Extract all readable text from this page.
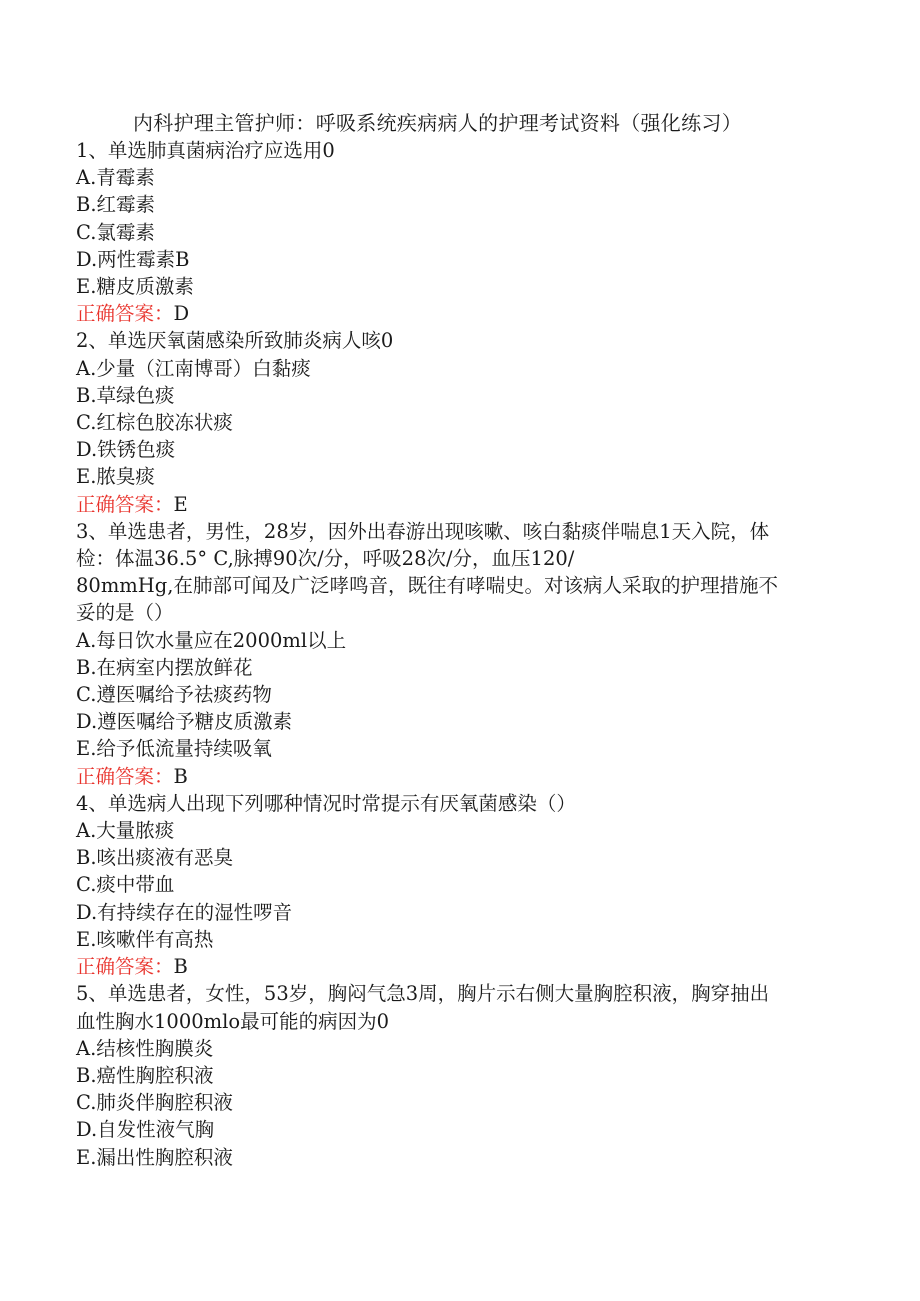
内科护理主管护师：呼吸系统疾病病人的护理考试资料（强化练习）
1、单选肺真菌病治疗应选用0
A.青霉素
B.红霉素
C.氯霉素
D.两性霉素B
E.糖皮质激素
正确答案：D
2、单选厌氧菌感染所致肺炎病人咳0
A.少量（江南博哥）白黏痰
B.草绿色痰
C.红棕色胶冻状痰
D.铁锈色痰
E.脓臭痰
正确答案：E
3、单选患者，男性，28岁，因外出春游出现咳嗽、咳白黏痰伴喘息1天入院，体
检：体温36.5° C,脉搏90次/分，呼吸28次/分，血压120/
80mmHg,在肺部可闻及广泛哮鸣音，既往有哮喘史。对该病人采取的护理措施不
妥的是（）
A.每日饮水量应在2000ml以上
B.在病室内摆放鲜花
C.遵医嘱给予祛痰药物
D.遵医嘱给予糖皮质激素
E.给予低流量持续吸氧
正确答案：B
4、单选病人出现下列哪种情况时常提示有厌氧菌感染（）
A.大量脓痰
B.咳出痰液有恶臭
C.痰中带血
D.有持续存在的湿性啰音
E.咳嗽伴有高热
正确答案：B
5、单选患者，女性，53岁，胸闷气急3周，胸片示右侧大量胸腔积液，胸穿抽出
血性胸水1000mlo最可能的病因为0
A.结核性胸膜炎
B.癌性胸腔积液
C.肺炎伴胸腔积液
D.自发性液气胸
E.漏出性胸腔积液
